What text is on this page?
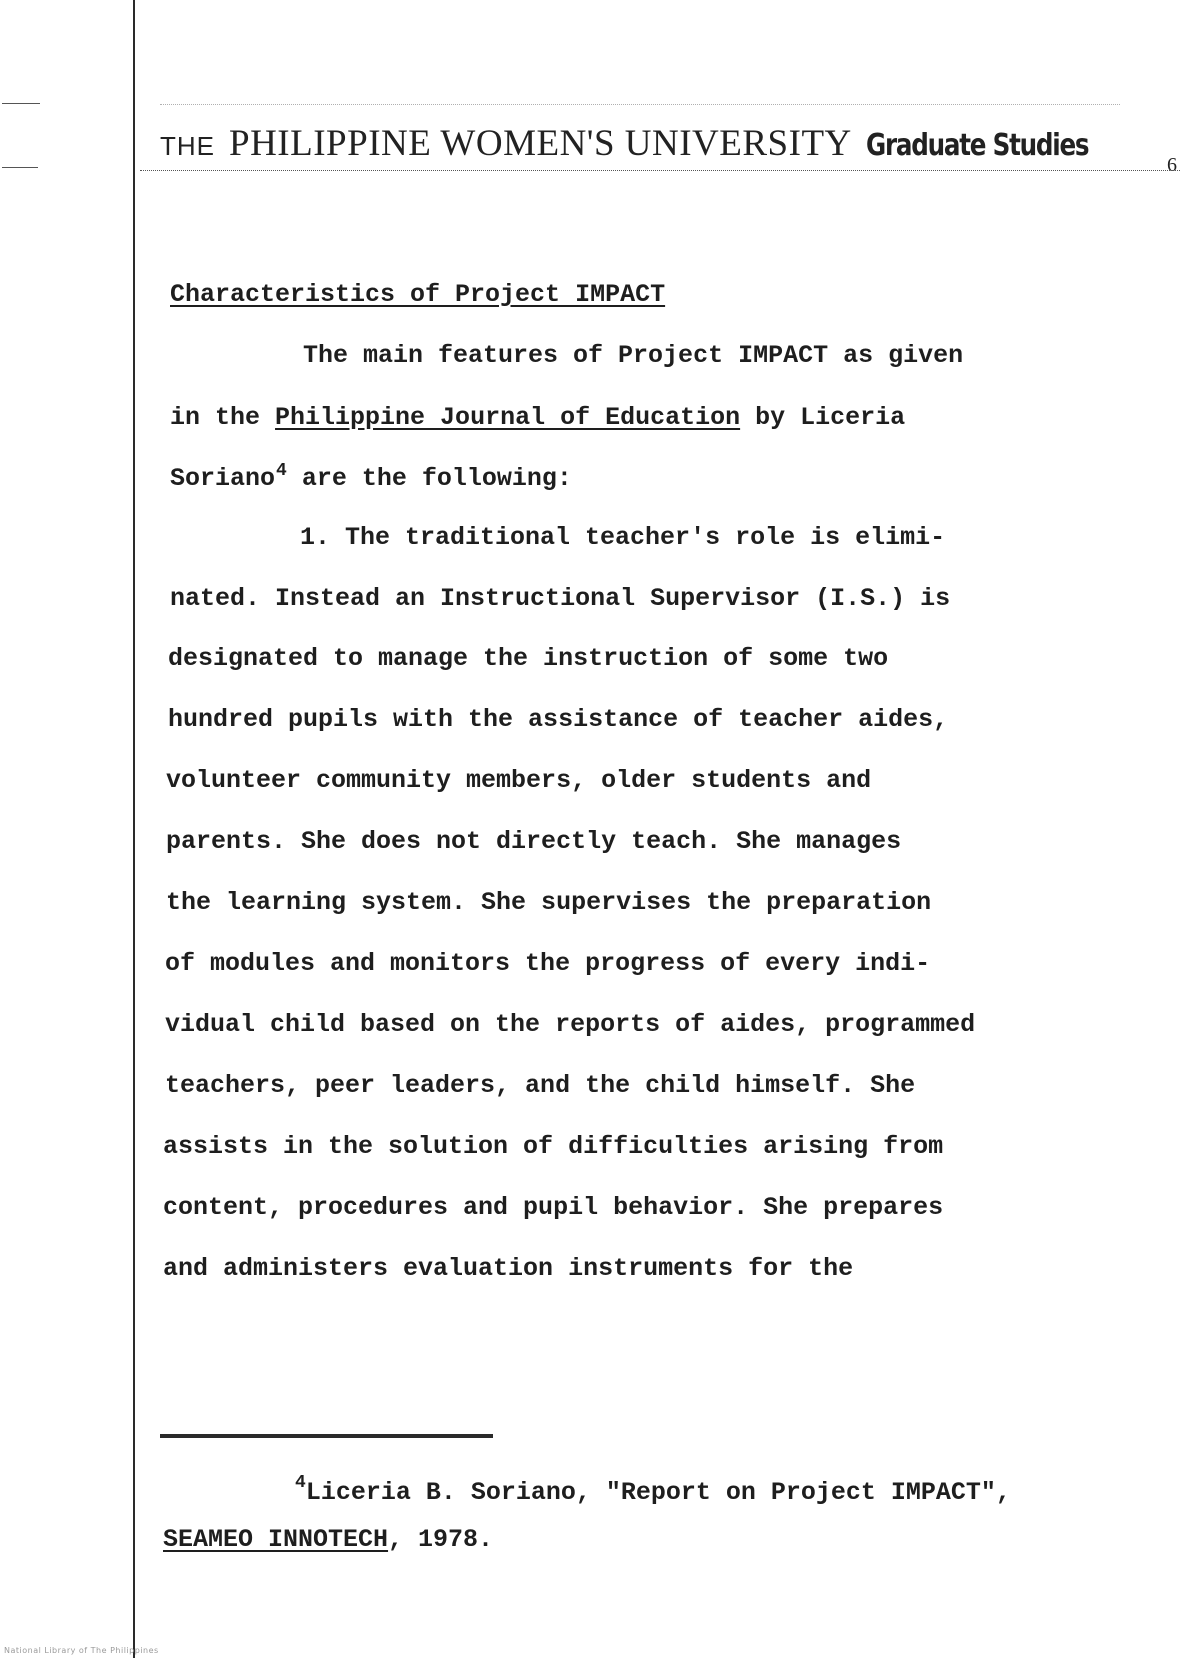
THE PHILIPPINE WOMEN'S UNIVERSITY Graduate Studies
6
Characteristics of Project IMPACT
The main features of Project IMPACT as given
in the Philippine Journal of Education by Liceria
Soriano$^4$ are the following:
1. The traditional teacher's role is elimi-
nated. Instead an Instructional Supervisor (I.S.) is
designated to manage the instruction of some two
hundred pupils with the assistance of teacher aides,
volunteer community members, older students and
parents. She does not directly teach. She manages
the learning system. She supervises the preparation
of modules and monitors the progress of every indi-
vidual child based on the reports of aides, programmed
teachers, peer leaders, and the child himself. She
assists in the solution of difficulties arising from
content, procedures and pupil behavior. She prepares
and administers evaluation instruments for the
$^4$Liceria B. Soriano, "Report on Project IMPACT",
SEAMEO INNOTECH, 1978.
National Library of The Philippines
